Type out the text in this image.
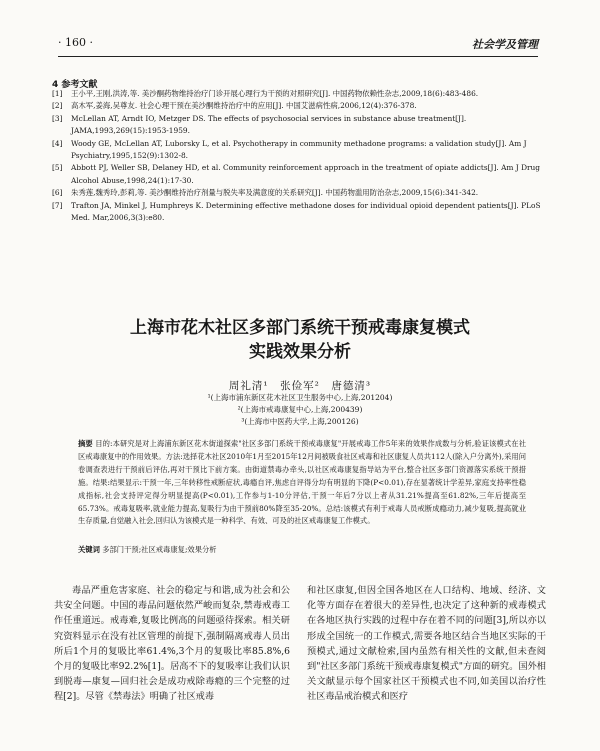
· 160 ·	社会学及管理
4 参考文献
[1] 王小平,王刚,洪涛,等. 美沙酮药物维持治疗门诊开展心理行为干预的对照研究[J]. 中国药物依赖性杂志,2009,18(6):483-486.
[2] 高木军,姜海,吴尊友. 社会心理干预在美沙酮维持治疗中的应用[J]. 中国艾滋病性病,2006,12(4):376-378.
[3] McLellan AT, Arndt IO, Metzger DS. The effects of psychosocial services in substance abuse treatment[J]. JAMA,1993,269(15):1953-1959.
[4] Woody GE, McLellan AT, Luborsky L, et al. Psychotherapy in community methadone programs: a validation study[J]. Am J Psychiatry,1995,152(9):1302-8.
[5] Abbott PJ, Weller SB, Delaney HD, et al. Community reinforcement approach in the treatment of opiate addicts[J]. Am J Drug Alcohol Abuse,1998,24(1):17-30.
[6] 朱秀莲,魏秀玲,彭莉,等. 美沙酮维持治疗剂量与脱失率及满意度的关系研究[J]. 中国药物滥用防治杂志,2009,15(6):341-342.
[7] Trafton JA, Minkel J, Humphreys K. Determining effective methadone doses for individual opioid dependent patients[J]. PLoS Med. Mar,2006,3(3):e80.
上海市花木社区多部门系统干预戒毒康复模式
实践效果分析
周礼清¹　张俭军²　唐德清³
¹(上海市浦东新区花木社区卫生服务中心,上海,201204)
²(上海市戒毒康复中心,上海,200439)
³(上海市中医药大学,上海,200126)
摘要 目的:本研究是对上海浦东新区花木街道探索"社区多部门系统干预戒毒康复"开展戒毒工作5年来的效果作成数与分析,验证该模式在社区戒毒康复中的作用效果。方法:选择花木社区2010年1月至2015年12月间被吸食社区戒毒和社区康复人员共112人(除入户分离外),采用问卷调查表进行干预前后评估,再对干预比下前方案。由街道禁毒办牵头,以社区戒毒康复指导站为平台,整合社区多部门资源落实系统干预措施。结果:结果显示:干预一年,三年转移性戒断症状,毒瘾自评,焦虑自评得分均有明显的下降(P<0.01),存在显著统计学差异,家庭支持率性稳成指标,社会支持评定得分明显提高(P<0.01),工作参与1-10分评估,干预一年后7分以上者从31.21%提高至61.82%,三年后提高至65.73%。戒毒复吸率,就业能力提高,复吸行为由干预前80%降至35-20%。总结:该模式有利于戒毒人员戒断成瘾动力,减少复吸,提高就业生存质量,自觉融入社会,回归认为该模式是一种科学、有效、可及的社区戒毒康复工作模式。
关键词 多部门干预;社区戒毒康复;效果分析

毒品严重危害家庭、社会的稳定与和谐,成为社会和公共安全问题。中国的毒品问题依然严峻而复杂,禁毒戒毒工作任重道远。戒毒难,复吸比例高的问题亟待探索。相关研究资料显示在没有社区管理的前提下,强制隔离戒毒人员出所后1个月的复吸比率61.4%,3个月的复吸比率85.8%,6个月的复吸比率92.2%[1]。居高不下的复吸率让我们认识到脱毒—康复—回归社会是成功戒除毒瘾的三个完整的过程[2]。尽管《禁毒法》明确了社区戒毒

和社区康复,但因全国各地区在人口结构、地域、经济、文化等方面存在着很大的差异性,也决定了这种新的戒毒模式在各地区执行实践的过程中存在着不同的问题[3],所以亦以形成全国统一的工作模式,需要各地区结合当地区实际的干预模式,通过文献检索,国内虽然有相关性的文献,但未查阅到"社区多部门系统干预戒毒康复模式"方面的研究。国外相关文献显示每个国家社区干预模式也不同,如美国以治疗性社区毒品戒治模式和医疗
